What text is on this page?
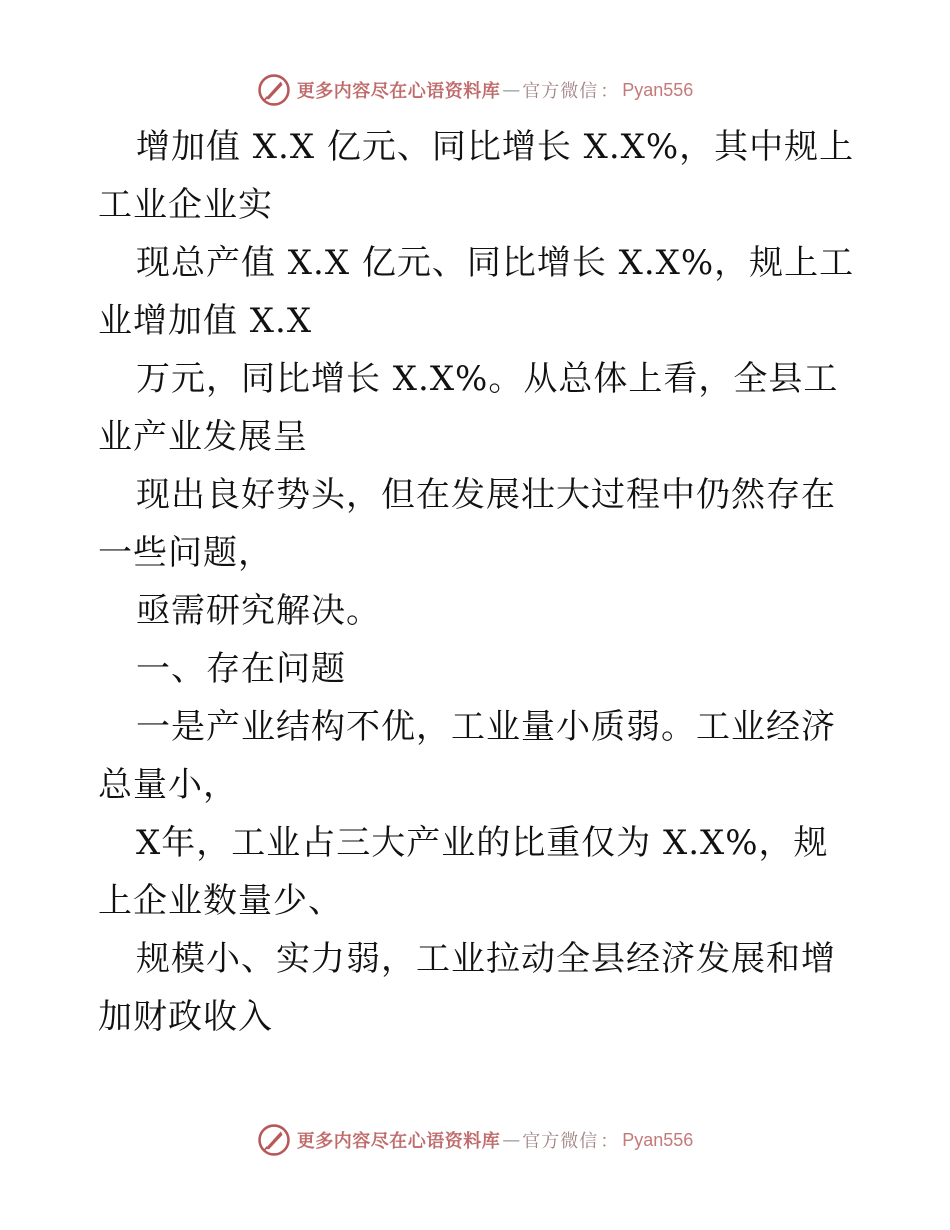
更多内容尽在心语资料库 — 官方微信 ： Pyan556

增加值 X.X 亿元、同比增长 X.X%，其中规上工业企业实

现总产值 X.X 亿元、同比增长 X.X%，规上工业增加值 X.X

万元，同比增长 X.X%。从总体上看，全县工业产业发展呈

现出良好势头，但在发展壮大过程中仍然存在一些问题，

亟需研究解决。

一、存在问题

一是产业结构不优，工业量小质弱。工业经济总量小，

X年，工业占三大产业的比重仅为 X.X%，规上企业数量少、

规模小、实力弱，工业拉动全县经济发展和增加财政收入

更多内容尽在心语资料库 — 官方微信 ： Pyan556
